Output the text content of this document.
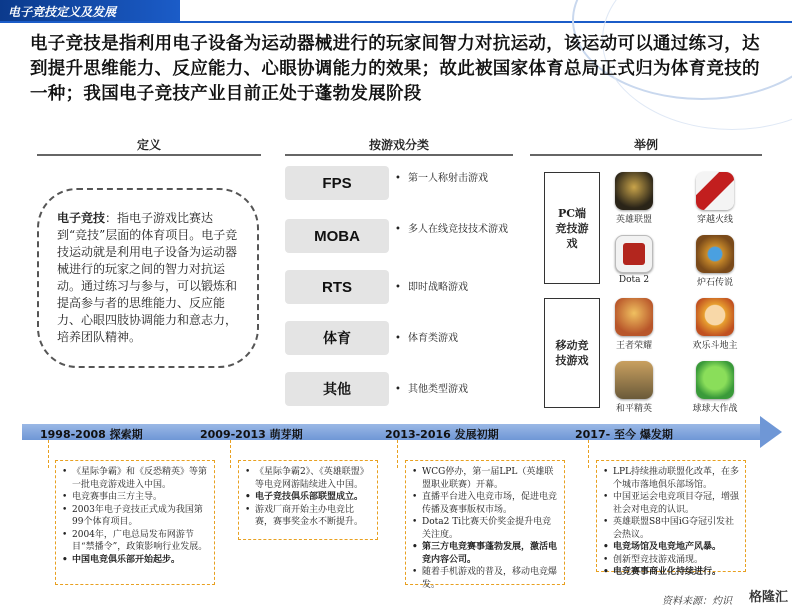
电子竞技定义及发展
电子竞技是指利用电子设备为运动器械进行的玩家间智力对抗运动，该运动可以通过练习，达到提升思维能力、反应能力、心眼协调能力的效果；故此被国家体育总局正式归为体育竞技的一种；我国电子竞技产业目前正处于蓬勃发展阶段
定义	按游戏分类	举例
电子竞技：指电子游戏比赛达到“竞技”层面的体育项目。电子竞技运动就是利用电子设备为运动器械进行的玩家之间的智力对抗运动。通过练习与参与，可以锻炼和提高参与者的思维能力、反应能力、心眼四肢协调能力和意志力，培养团队精神。
FPS	• 第一人称射击游戏
MOBA	• 多人在线竞技技术游戏
RTS	• 即时战略游戏
体育	• 体育类游戏
其他	• 其他类型游戏
PC端竞技游戏
移动竞技游戏
英雄联盟	穿越火线
Dota 2	炉石传说
王者荣耀	欢乐斗地主
和平精英	球球大作战
1998-2008 探索期	2009-2013 萌芽期	2013-2016 发展初期	2017- 至今 爆发期
• 《星际争霸》和《反恐精英》等第一批电竞游戏进入中国。
• 电竞赛事由三方主导。
• 2003年电子竞技正式成为我国第99个体育项目。
• 2004年，广电总局发布网游节目“禁播令”，政策影响行业发展。
• 中国电竞俱乐部开始起步。
• 《星际争霸2》、《英雄联盟》等电竞网游陆续进入中国。
• 电子竞技俱乐部联盟成立。
• 游戏厂商开始主办电竞比赛，赛事奖金水不断提升。
• WCG停办，第一届LPL（英雄联盟职业联赛）开幕。
• 直播平台进入电竞市场，促进电竞传播及赛事版权市场。
• Dota2 Ti比赛天价奖金提升电竞关注度。
• 第三方电竞赛事蓬勃发展，激活电竞内容公司。
• 随着手机游戏的普及，移动电竞爆发。
• LPL持续推动联盟化改革，在多个城市落地俱乐部场馆。
• 中国亚运会电竞项目夺冠，增强社会对电竞的认识。
• 英雄联盟S8中国iG夺冠引发社会热议。
• 电竞场馆及电竞地产风暴。
• 创新型竞技游戏涌现。
• 电竞赛事商业化持续进行。
资料来源：灼识 格隆汇
